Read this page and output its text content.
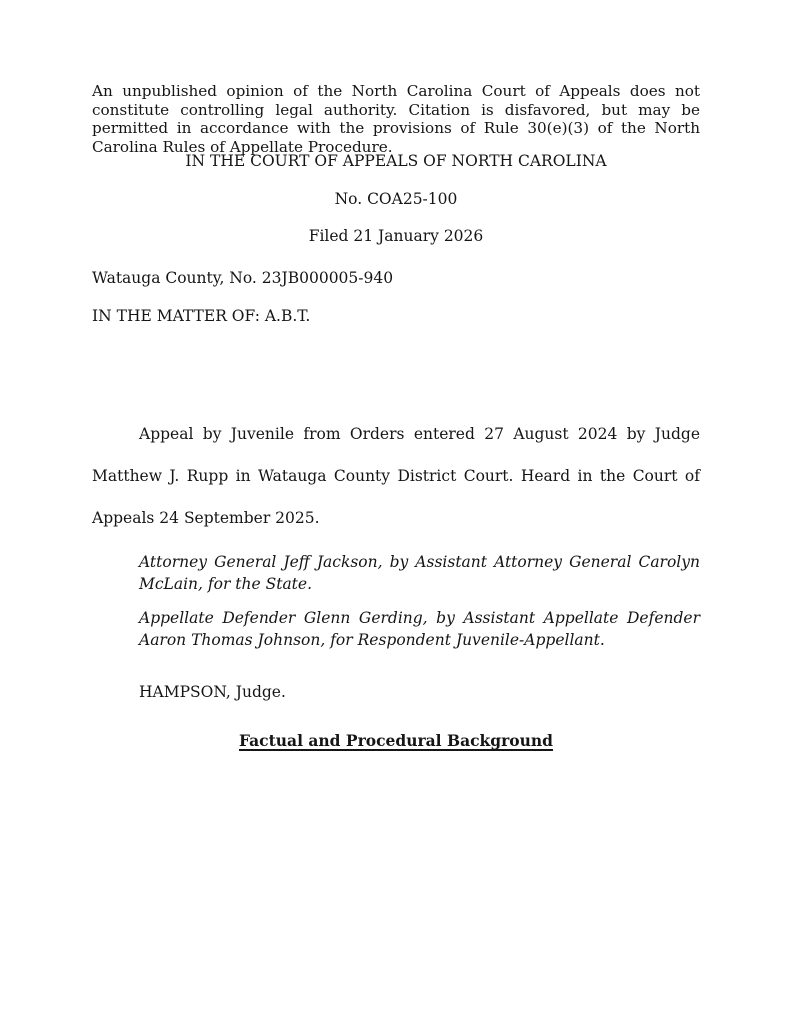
An unpublished opinion of the North Carolina Court of Appeals does not constitute controlling legal authority. Citation is disfavored, but may be permitted in accordance with the provisions of Rule 30(e)(3) of the North Carolina Rules of Appellate Procedure.

IN THE COURT OF APPEALS OF NORTH CAROLINA
No. COA25-100
Filed 21 January 2026
Watauga County, No. 23JB000005-940
IN THE MATTER OF: A.B.T.

Appeal by Juvenile from Orders entered 27 August 2024 by Judge Matthew J. Rupp in Watauga County District Court. Heard in the Court of Appeals 24 September 2025.

Attorney General Jeff Jackson, by Assistant Attorney General Carolyn McLain, for the State.

Appellate Defender Glenn Gerding, by Assistant Appellate Defender Aaron Thomas Johnson, for Respondent Juvenile-Appellant.

HAMPSON, Judge.
Factual and Procedural Background
